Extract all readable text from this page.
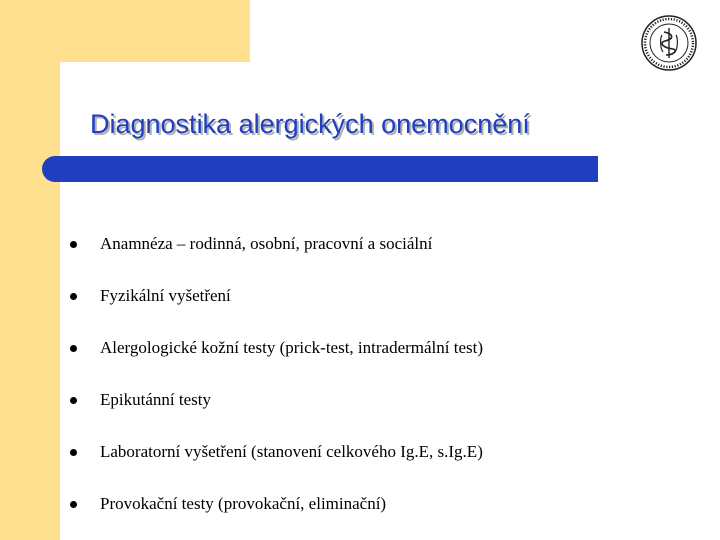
Diagnostika alergických onemocnění
Anamnéza – rodinná, osobní, pracovní a sociální
Fyzikální vyšetření
Alergologické kožní testy (prick-test, intradermální test)
Epikutánní testy
Laboratorní vyšetření (stanovení celkového Ig.E, s.Ig.E)
Provokační testy (provokační, eliminační)
